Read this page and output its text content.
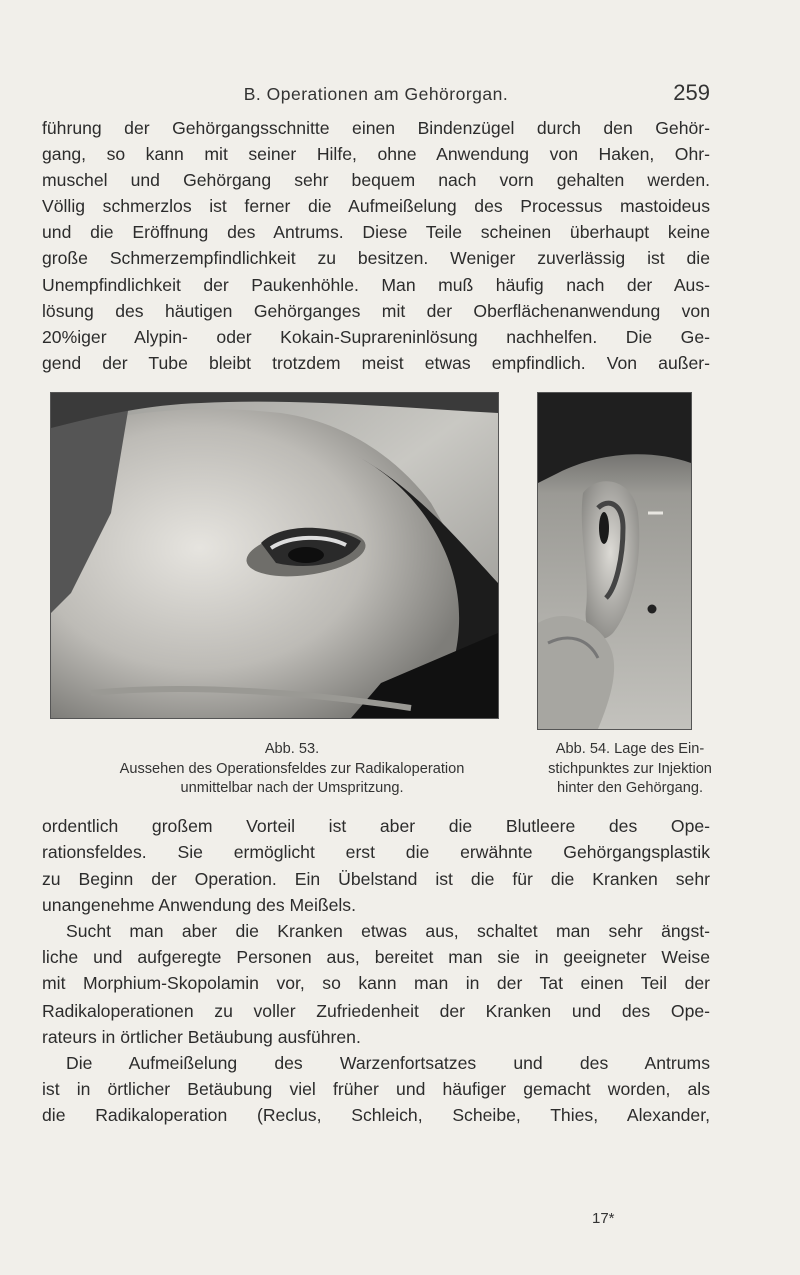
B. Operationen am Gehörorgan.	259
führung der Gehörgangsschnitte einen Bindenzügel durch den Gehör-
gang, so kann mit seiner Hilfe, ohne Anwendung von Haken, Ohr-
muschel und Gehörgang sehr bequem nach vorn gehalten werden.
Völlig schmerzlos ist ferner die Aufmeißelung des Processus mastoideus
und die Eröffnung des Antrums. Diese Teile scheinen überhaupt keine
große Schmerzempfindlichkeit zu besitzen. Weniger zuverlässig ist die
Unempfindlichkeit der Paukenhöhle. Man muß häufig nach der Aus-
lösung des häutigen Gehörganges mit der Oberflächenanwendung von
20%iger Alypin- oder Kokain-Suprareninlösung nachhelfen. Die Ge-
gend der Tube bleibt trotzdem meist etwas empfindlich. Von außer-
Abb. 53.
Aussehen des Operationsfeldes zur Radikaloperation
unmittelbar nach der Umspritzung.
Abb. 54. Lage des Ein-
stichpunktes zur Injektion
hinter den Gehörgang.
ordentlich großem Vorteil ist aber die Blutleere des Ope-
rationsfeldes. Sie ermöglicht erst die erwähnte Gehörgangsplastik
zu Beginn der Operation. Ein Übelstand ist die für die Kranken sehr
unangenehme Anwendung des Meißels.
Sucht man aber die Kranken etwas aus, schaltet man sehr ängst-
liche und aufgeregte Personen aus, bereitet man sie in geeigneter Weise
mit Morphium-Skopolamin vor, so kann man in der Tat einen Teil der
Radikaloperationen zu voller Zufriedenheit der Kranken und des Ope-
rateurs in örtlicher Betäubung ausführen.
Die Aufmeißelung des Warzenfortsatzes und des Antrums
ist in örtlicher Betäubung viel früher und häufiger gemacht worden, als
die Radikaloperation (Reclus, Schleich, Scheibe, Thies, Alexander,
17*
